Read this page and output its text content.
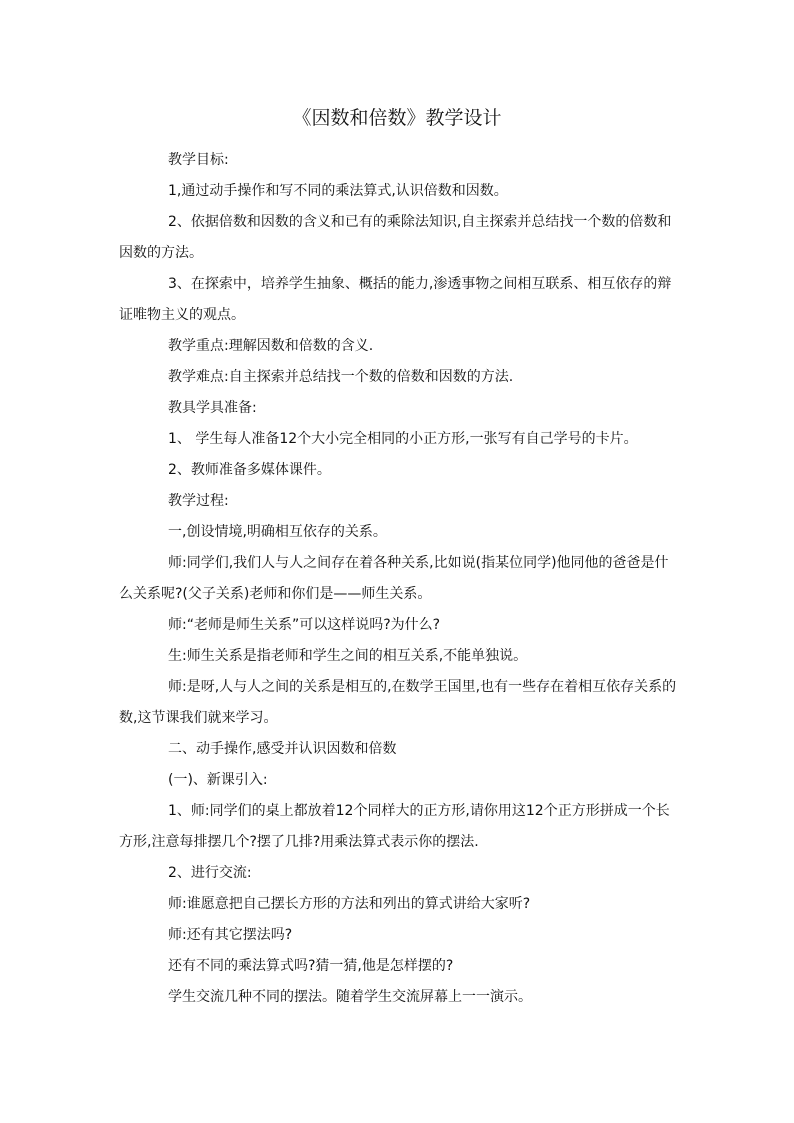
《因数和倍数》教学设计

教学目标:

1,通过动手操作和写不同的乘法算式,认识倍数和因数。

2、依据倍数和因数的含义和已有的乘除法知识,自主探索并总结找一个数的倍数和因数的方法。

3、在探索中，培养学生抽象、概括的能力,渗透事物之间相互联系、相互依存的辩证唯物主义的观点。

教学重点:理解因数和倍数的含义.

教学难点:自主探索并总结找一个数的倍数和因数的方法.

教具学具准备:

1、 学生每人准备12个大小完全相同的小正方形,一张写有自己学号的卡片。

2、教师准备多媒体课件。

教学过程:

一,创设情境,明确相互依存的关系。

师:同学们,我们人与人之间存在着各种关系,比如说(指某位同学)他同他的爸爸是什么关系呢?(父子关系)老师和你们是——师生关系。

师:“老师是师生关系”可以这样说吗?为什么?

生:师生关系是指老师和学生之间的相互关系,不能单独说。

师:是呀,人与人之间的关系是相互的,在数学王国里,也有一些存在着相互依存关系的数,这节课我们就来学习。

二、动手操作,感受并认识因数和倍数

(一)、新课引入:

1、师:同学们的桌上都放着12个同样大的正方形,请你用这12个正方形拼成一个长方形,注意每排摆几个?摆了几排?用乘法算式表示你的摆法.

2、进行交流:

师:谁愿意把自己摆长方形的方法和列出的算式讲给大家听?

师:还有其它摆法吗?

还有不同的乘法算式吗?猜一猜,他是怎样摆的?

学生交流几种不同的摆法。随着学生交流屏幕上一一演示。
